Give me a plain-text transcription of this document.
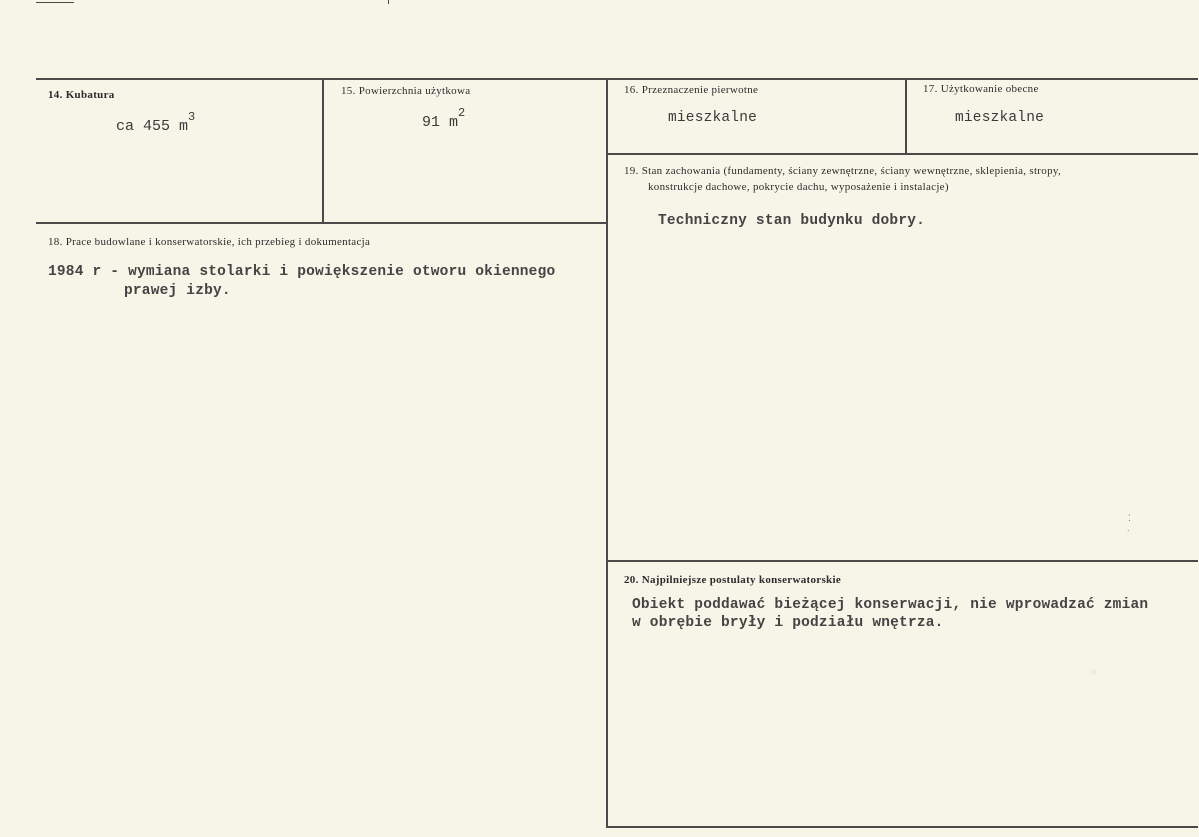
14. Kubatura
ca 455 $m^3$
15. Powierzchnia użytkowa
91 $m^2$
16. Przeznaczenie pierwotne
mieszkalne
17. Użytkowanie obecne
mieszkalne
18. Prace budowlane i konserwatorskie, ich przebieg i dokumentacja
1984 r - wymiana stolarki i powiększenie otworu okiennego
prawej izby.
19. Stan zachowania (fundamenty, ściany zewnętrzne, ściany wewnętrzne, sklepienia, stropy,
konstrukcje dachowe, pokrycie dachu, wyposażenie i instalacje)
Techniczny stan budynku dobry.
20. Najpilniejsze postulaty konserwatorskie
Obiekt poddawać bieżącej konserwacji, nie wprowadzać zmian
w obrębie bryły i podziału wnętrza.
⁚
˙
⁘
